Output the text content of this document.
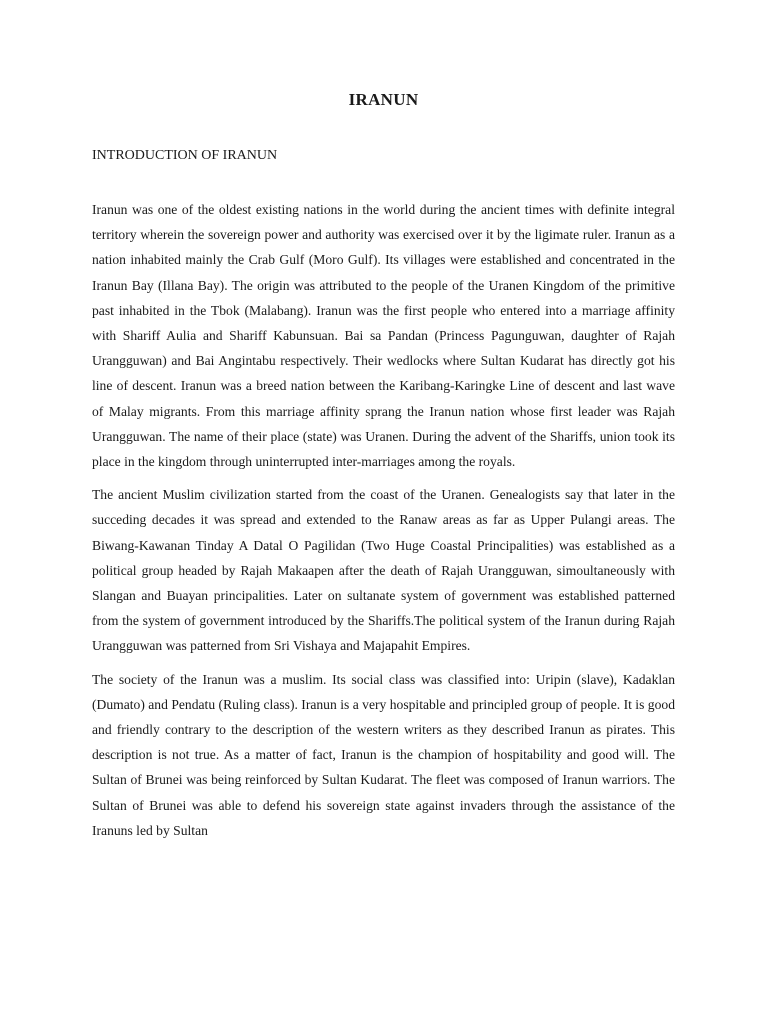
IRANUN
INTRODUCTION OF IRANUN

Iranun was one of the oldest existing nations in the world during the ancient times with definite integral territory wherein the sovereign power and authority was exercised over it by the ligimate ruler. Iranun as a nation inhabited mainly the Crab Gulf (Moro Gulf). Its villages were established and concentrated in the Iranun Bay (Illana Bay). The origin was attributed to the people of the Uranen Kingdom of the primitive past inhabited in the Tbok (Malabang). Iranun was the first people who entered into a marriage affinity with Shariff Aulia and Shariff Kabunsuan. Bai sa Pandan (Princess Pagunguwan, daughter of Rajah Urangguwan) and Bai Angintabu respectively. Their wedlocks where Sultan Kudarat has directly got his line of descent. Iranun was a breed nation between the Karibang-Karingke Line of descent and last wave of Malay migrants. From this marriage affinity sprang the Iranun nation whose first leader was Rajah Urangguwan. The name of their place (state) was Uranen. During the advent of the Shariffs, union took its place in the kingdom through uninterrupted inter-marriages among the royals.

The ancient Muslim civilization started from the coast of the Uranen. Genealogists say that later in the succeding decades it was spread and extended to the Ranaw areas as far as Upper Pulangi areas. The Biwang-Kawanan Tinday A Datal O Pagilidan (Two Huge Coastal Principalities) was established as a political group headed by Rajah Makaapen after the death of Rajah Urangguwan, simoultaneously with Slangan and Buayan principalities. Later on sultanate system of government was established patterned from the system of government introduced by the Shariffs.The political system of the Iranun during Rajah Urangguwan was patterned from Sri Vishaya and Majapahit Empires.

The society of the Iranun was a muslim. Its social class was classified into: Uripin (slave), Kadaklan (Dumato) and Pendatu (Ruling class). Iranun is a very hospitable and principled group of people. It is good and friendly contrary to the description of the western writers as they described Iranun as pirates. This description is not true. As a matter of fact, Iranun is the champion of hospitability and good will. The Sultan of Brunei was being reinforced by Sultan Kudarat. The fleet was composed of Iranun warriors. The Sultan of Brunei was able to defend his sovereign state against invaders through the assistance of the Iranuns led by Sultan
